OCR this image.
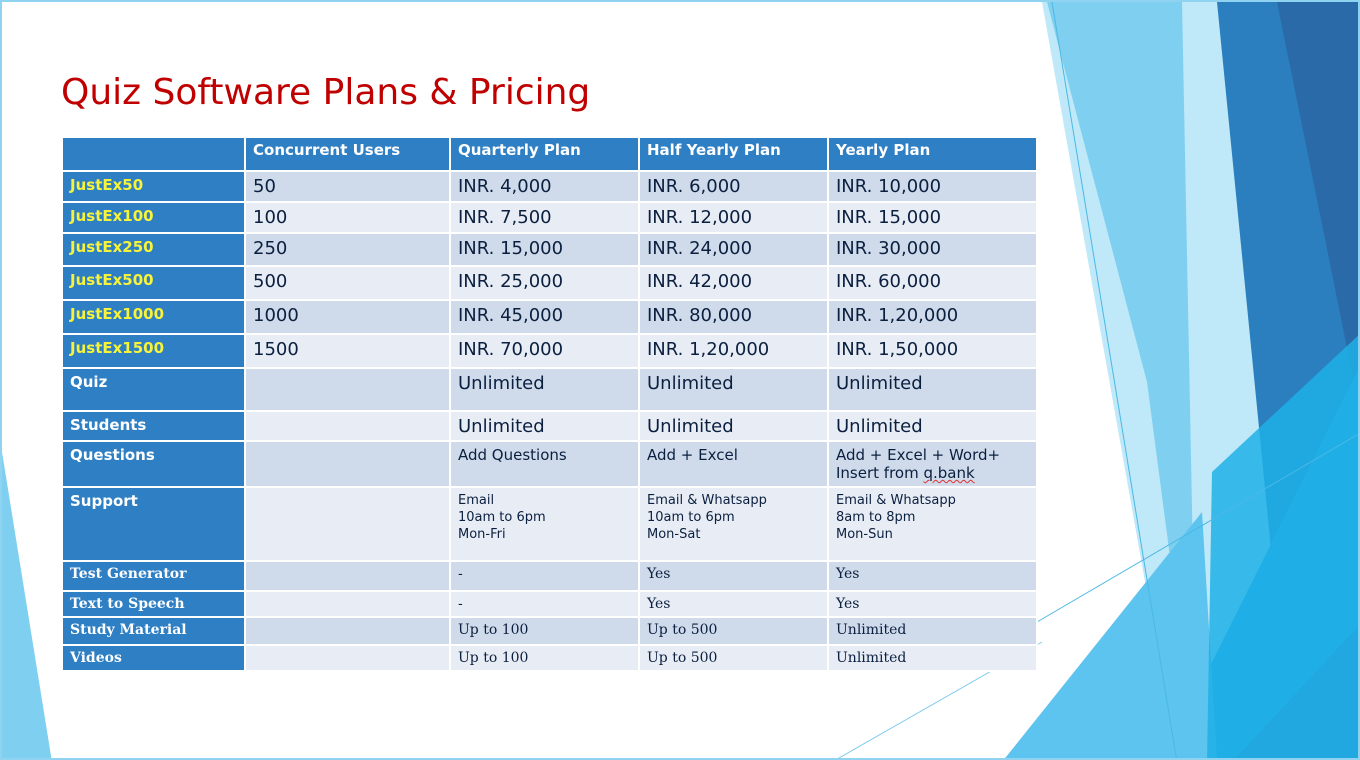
Quiz Software Plans & Pricing
	Concurrent Users	Quarterly Plan	Half Yearly Plan	Yearly Plan
JustEx50	50	INR. 4,000	INR. 6,000	INR. 10,000
JustEx100	100	INR. 7,500	INR. 12,000	INR. 15,000
JustEx250	250	INR. 15,000	INR. 24,000	INR. 30,000
JustEx500	500	INR. 25,000	INR. 42,000	INR. 60,000
JustEx1000	1000	INR. 45,000	INR. 80,000	INR. 1,20,000
JustEx1500	1500	INR. 70,000	INR. 1,20,000	INR. 1,50,000
Quiz		Unlimited	Unlimited	Unlimited
Students		Unlimited	Unlimited	Unlimited
Questions		Add Questions	Add + Excel	Add + Excel + Word+
Insert from q.bank

Support		Email
10am to 6pm
Mon-Fri	Email & Whatsapp
10am to 6pm
Mon-Sat	Email & Whatsapp
8am to 8pm
Mon-Sun

Test Generator		-	Yes	Yes
Text to Speech		-	Yes	Yes
Study Material		Up to 100	Up to 500	Unlimited
Videos		Up to 100	Up to 500	Unlimited
